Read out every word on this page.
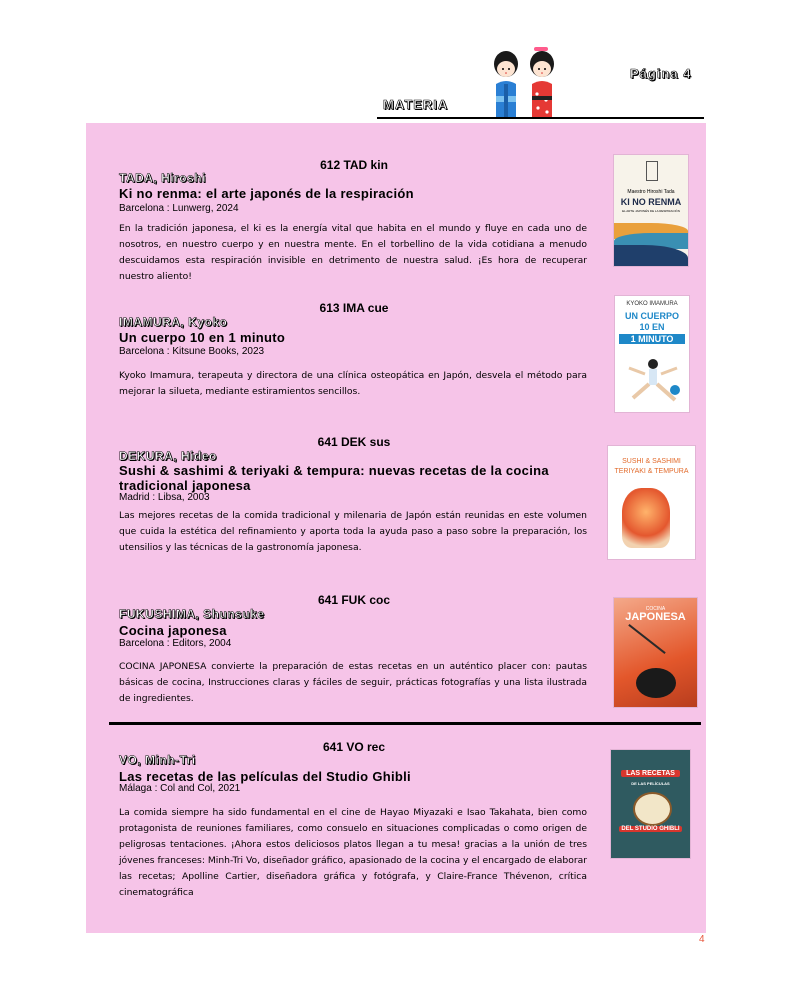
Página 4
MATERIA
612 TAD kin
TADA, Hiroshi
Ki no renma: el arte japonés de la respiración
Barcelona : Lunwerg, 2024
En la tradición japonesa, el ki es la energía vital que habita en el mundo y fluye en cada uno de nosotros, en nuestro cuerpo y en nuestra mente. En el torbellino de la vida cotidiana a menudo descuidamos esta respiración invisible en detrimento de nuestra salud. ¡Es hora de recuperar nuestro aliento!
Maestro Hiroshi Tada
KI NO RENMA
EL ARTE JAPONÉS DE LA RESPIRACIÓN
613 IMA cue
IMAMURA, Kyoko
Un cuerpo 10 en 1 minuto
Barcelona : Kitsune Books, 2023
Kyoko Imamura, terapeuta y directora de una clínica osteopática en Japón, desvela el método para mejorar la silueta, mediante estiramientos sencillos.
KYOKO IMAMURA
UN CUERPO
10 EN
1 MINUTO
641 DEK sus
DEKURA, Hideo
Sushi & sashimi & teriyaki & tempura: nuevas recetas de la cocina tradicional japonesa
Madrid : Libsa, 2003
Las mejores recetas de la comida tradicional y milenaria de Japón están reunidas en este volumen que cuida la estética del refinamiento y aporta toda la ayuda paso a paso sobre la preparación, los utensilios y las técnicas de la gastronomía japonesa.
SUSHI & SASHIMI
TERIYAKI & TEMPURA
641 FUK coc
FUKUSHIMA, Shunsuke
Cocina japonesa
Barcelona : Editors, 2004
COCINA JAPONESA convierte la preparación de estas recetas en un auténtico placer con: pautas básicas de cocina, Instrucciones claras y fáciles de seguir, prácticas fotografías y una lista ilustrada de ingredientes.
COCINA
JAPONESA
641 VO rec
VO, Minh-Tri
Las recetas de las películas del Studio Ghibli
Málaga : Col and Col, 2021
La comida siempre ha sido fundamental en el cine de Hayao Miyazaki e Isao Takahata, bien como protagonista de reuniones familiares, como consuelo en situaciones complicadas o como origen de peligrosas tentaciones. ¡Ahora estos deliciosos platos llegan a tu mesa! gracias a la unión de tres jóvenes franceses: Minh-Tri Vo, diseñador gráfico, apasionado de la cocina y el encargado de elaborar las recetas; Apolline Cartier, diseñadora gráfica y fotógrafa, y Claire-France Thévenon, crítica cinematográfica
LAS RECETAS
DE LAS PELÍCULAS
DEL STUDIO GHIBLI
4
